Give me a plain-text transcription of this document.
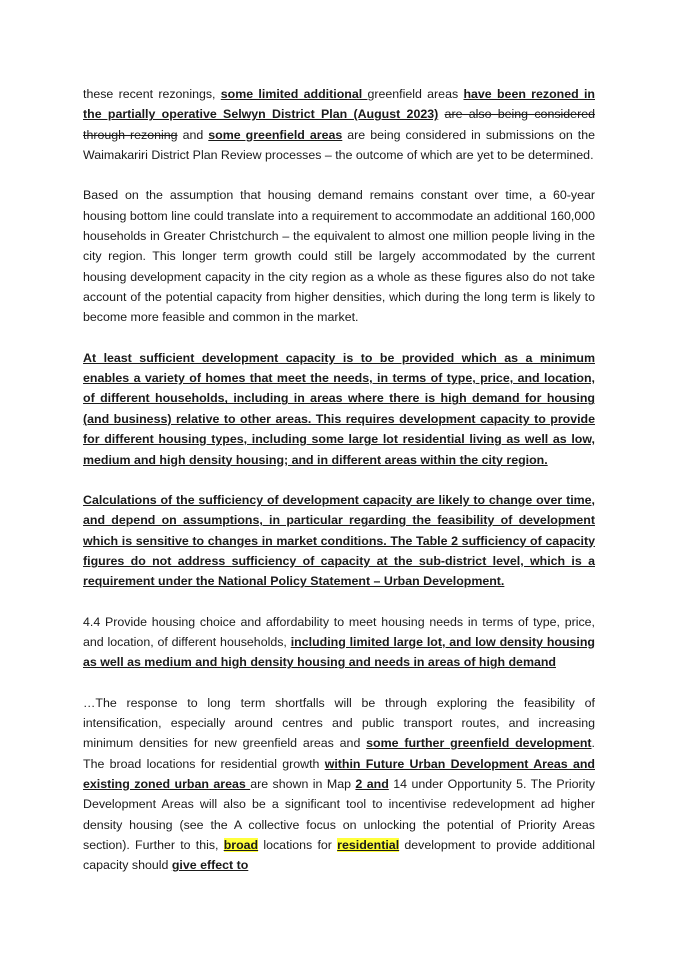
these recent rezonings, some limited additional greenfield areas have been rezoned in the partially operative Selwyn District Plan (August 2023) are also being considered through rezoning and some greenfield areas are being considered in submissions on the Waimakariri District Plan Review processes – the outcome of which are yet to be determined.

Based on the assumption that housing demand remains constant over time, a 60-year housing bottom line could translate into a requirement to accommodate an additional 160,000 households in Greater Christchurch – the equivalent to almost one million people living in the city region. This longer term growth could still be largely accommodated by the current housing development capacity in the city region as a whole as these figures also do not take account of the potential capacity from higher densities, which during the long term is likely to become more feasible and common in the market.

At least sufficient development capacity is to be provided which as a minimum enables a variety of homes that meet the needs, in terms of type, price, and location, of different households, including in areas where there is high demand for housing (and business) relative to other areas. This requires development capacity to provide for different housing types, including some large lot residential living as well as low, medium and high density housing; and in different areas within the city region.

Calculations of the sufficiency of development capacity are likely to change over time, and depend on assumptions, in particular regarding the feasibility of development which is sensitive to changes in market conditions. The Table 2 sufficiency of capacity figures do not address sufficiency of capacity at the sub-district level, which is a requirement under the National Policy Statement – Urban Development.

4.4 Provide housing choice and affordability to meet housing needs in terms of type, price, and location, of different households, including limited large lot, and low density housing as well as medium and high density housing and needs in areas of high demand

…The response to long term shortfalls will be through exploring the feasibility of intensification, especially around centres and public transport routes, and increasing minimum densities for new greenfield areas and some further greenfield development. The broad locations for residential growth within Future Urban Development Areas and existing zoned urban areas are shown in Map 2 and 14 under Opportunity 5. The Priority Development Areas will also be a significant tool to incentivise redevelopment ad higher density housing (see the A collective focus on unlocking the potential of Priority Areas section). Further to this, broad locations for residential development to provide additional capacity should give effect to
